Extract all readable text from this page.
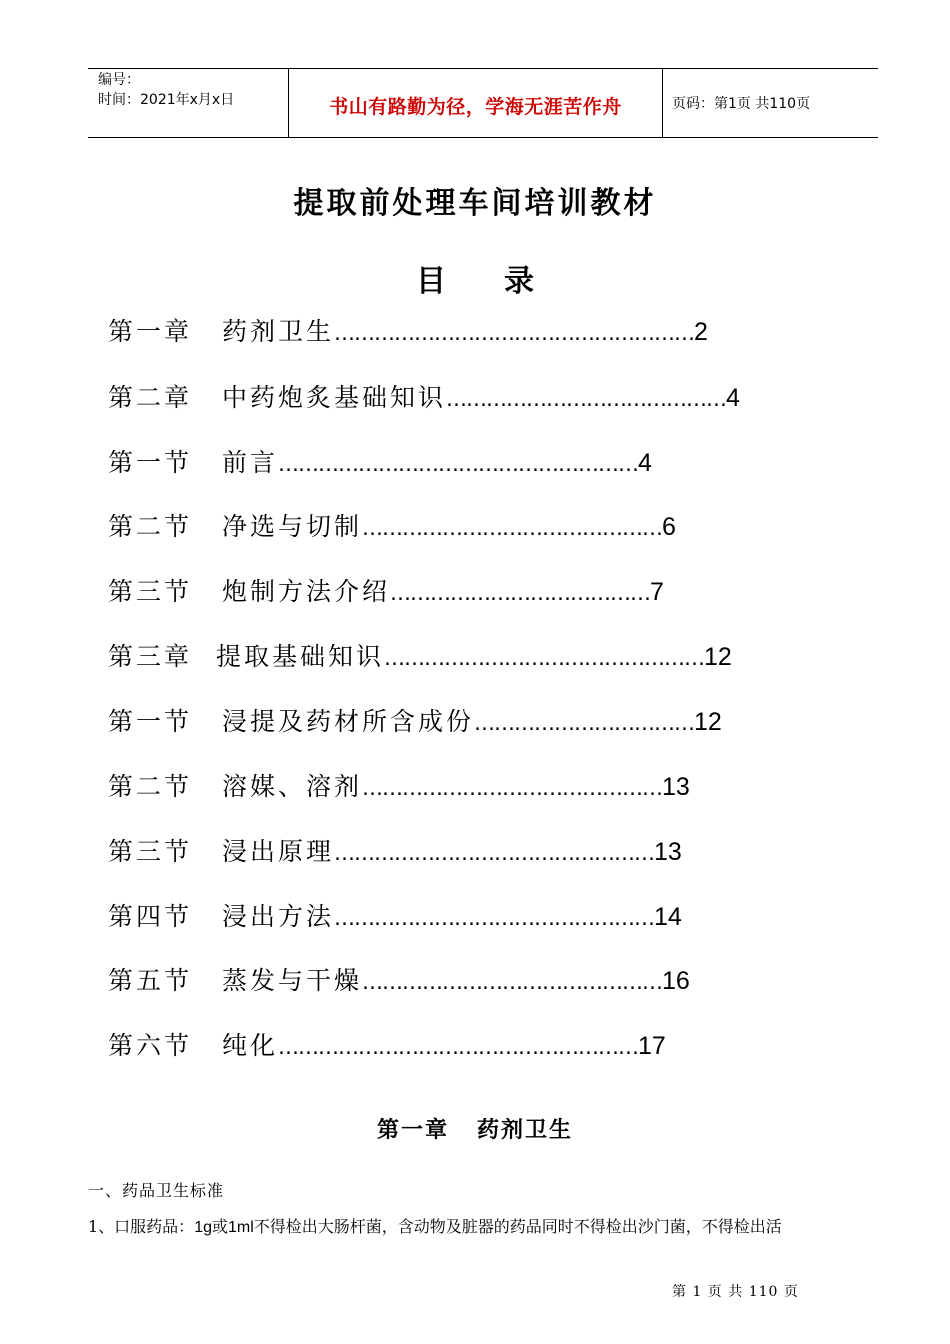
编号：
时间：2021年x月x日	书山有路勤为径，学海无涯苦作舟	页码：第1页 共110页
提取前处理车间培训教材
目 录
第一章 药剂卫生………………………………………………2
第二章 中药炮炙基础知识……………………………………4
第一节 前言………………………………………………4
第二节 净选与切制………………………………………6
第三节 炮制方法介绍…………………………………7
第三章 提取基础知识…………………………………………12
第一节 浸提及药材所含成份……………………………12
第二节 溶媒、溶剂………………………………………13
第三节 浸出原理…………………………………………13
第四节 浸出方法…………………………………………14
第五节 蒸发与干燥………………………………………16
第六节 纯化………………………………………………17
第一章 药剂卫生
一、药品卫生标准
1、口服药品：1g或1ml不得检出大肠杆菌，含动物及脏器的药品同时不得检出沙门菌，不得检出活
第 1 页 共 110 页
